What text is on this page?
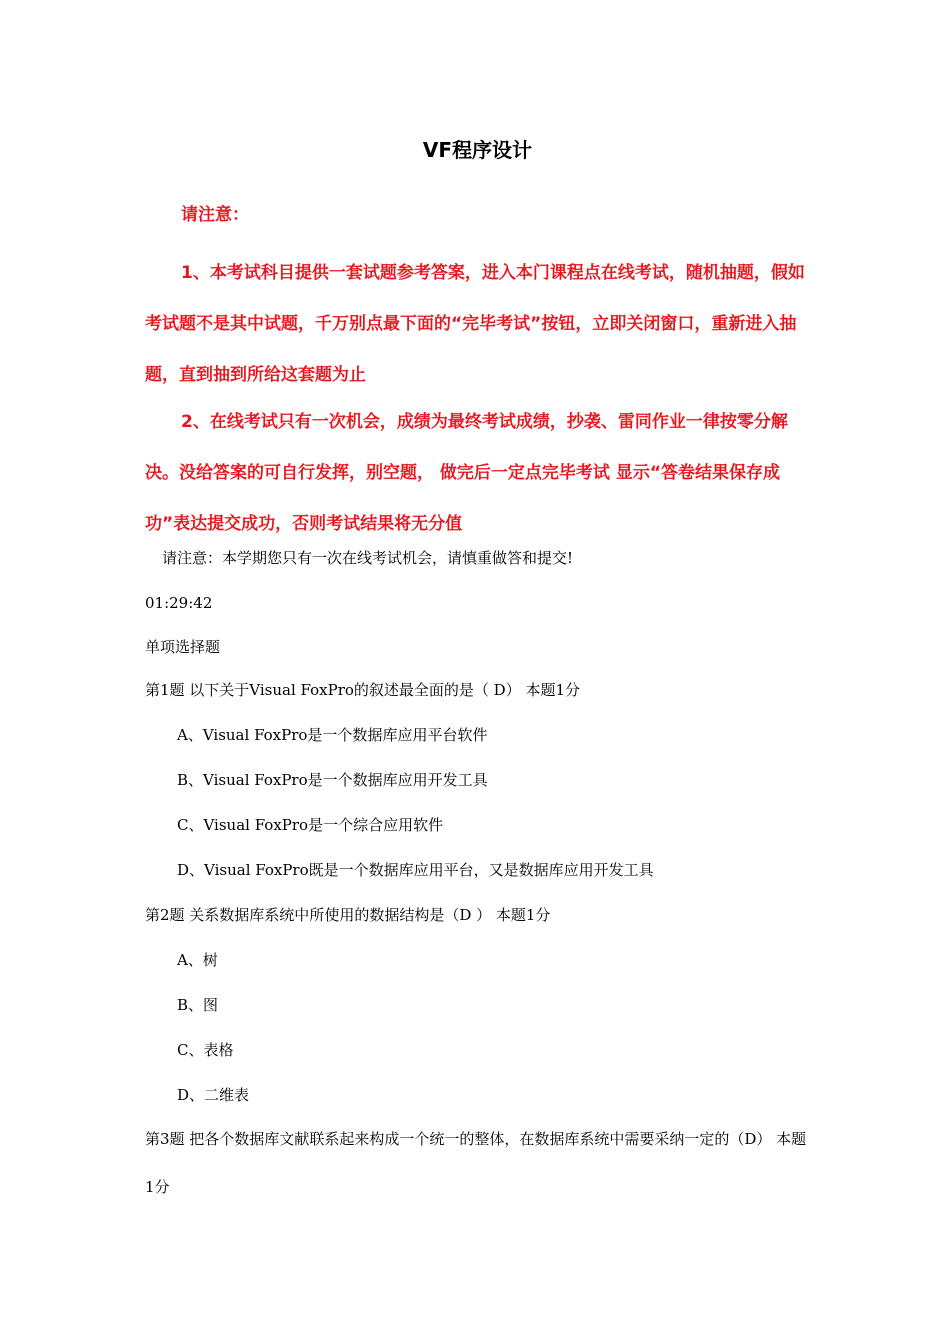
VF程序设计
请注意：
1、本考试科目提供一套试题参考答案，进入本门课程点在线考试，随机抽题，假如考试题不是其中试题，千万别点最下面的“完毕考试”按钮，立即关闭窗口，重新进入抽题，直到抽到所给这套题为止
2、在线考试只有一次机会，成绩为最终考试成绩，抄袭、雷同作业一律按零分解决。没给答案的可自行发挥，别空题， 做完后一定点完毕考试 显示“答卷结果保存成功”表达提交成功，否则考试结果将无分值
请注意：本学期您只有一次在线考试机会，请慎重做答和提交!
01:29:42
单项选择题
第1题 以下关于Visual FoxPro的叙述最全面的是（ D） 本题1分
A、Visual FoxPro是一个数据库应用平台软件
B、Visual FoxPro是一个数据库应用开发工具
C、Visual FoxPro是一个综合应用软件
D、Visual FoxPro既是一个数据库应用平台，又是数据库应用开发工具
第2题 关系数据库系统中所使用的数据结构是（D ） 本题1分
A、树
B、图
C、表格
D、二维表
第3题 把各个数据库文献联系起来构成一个统一的整体，在数据库系统中需要采纳一定的（D） 本题1分
